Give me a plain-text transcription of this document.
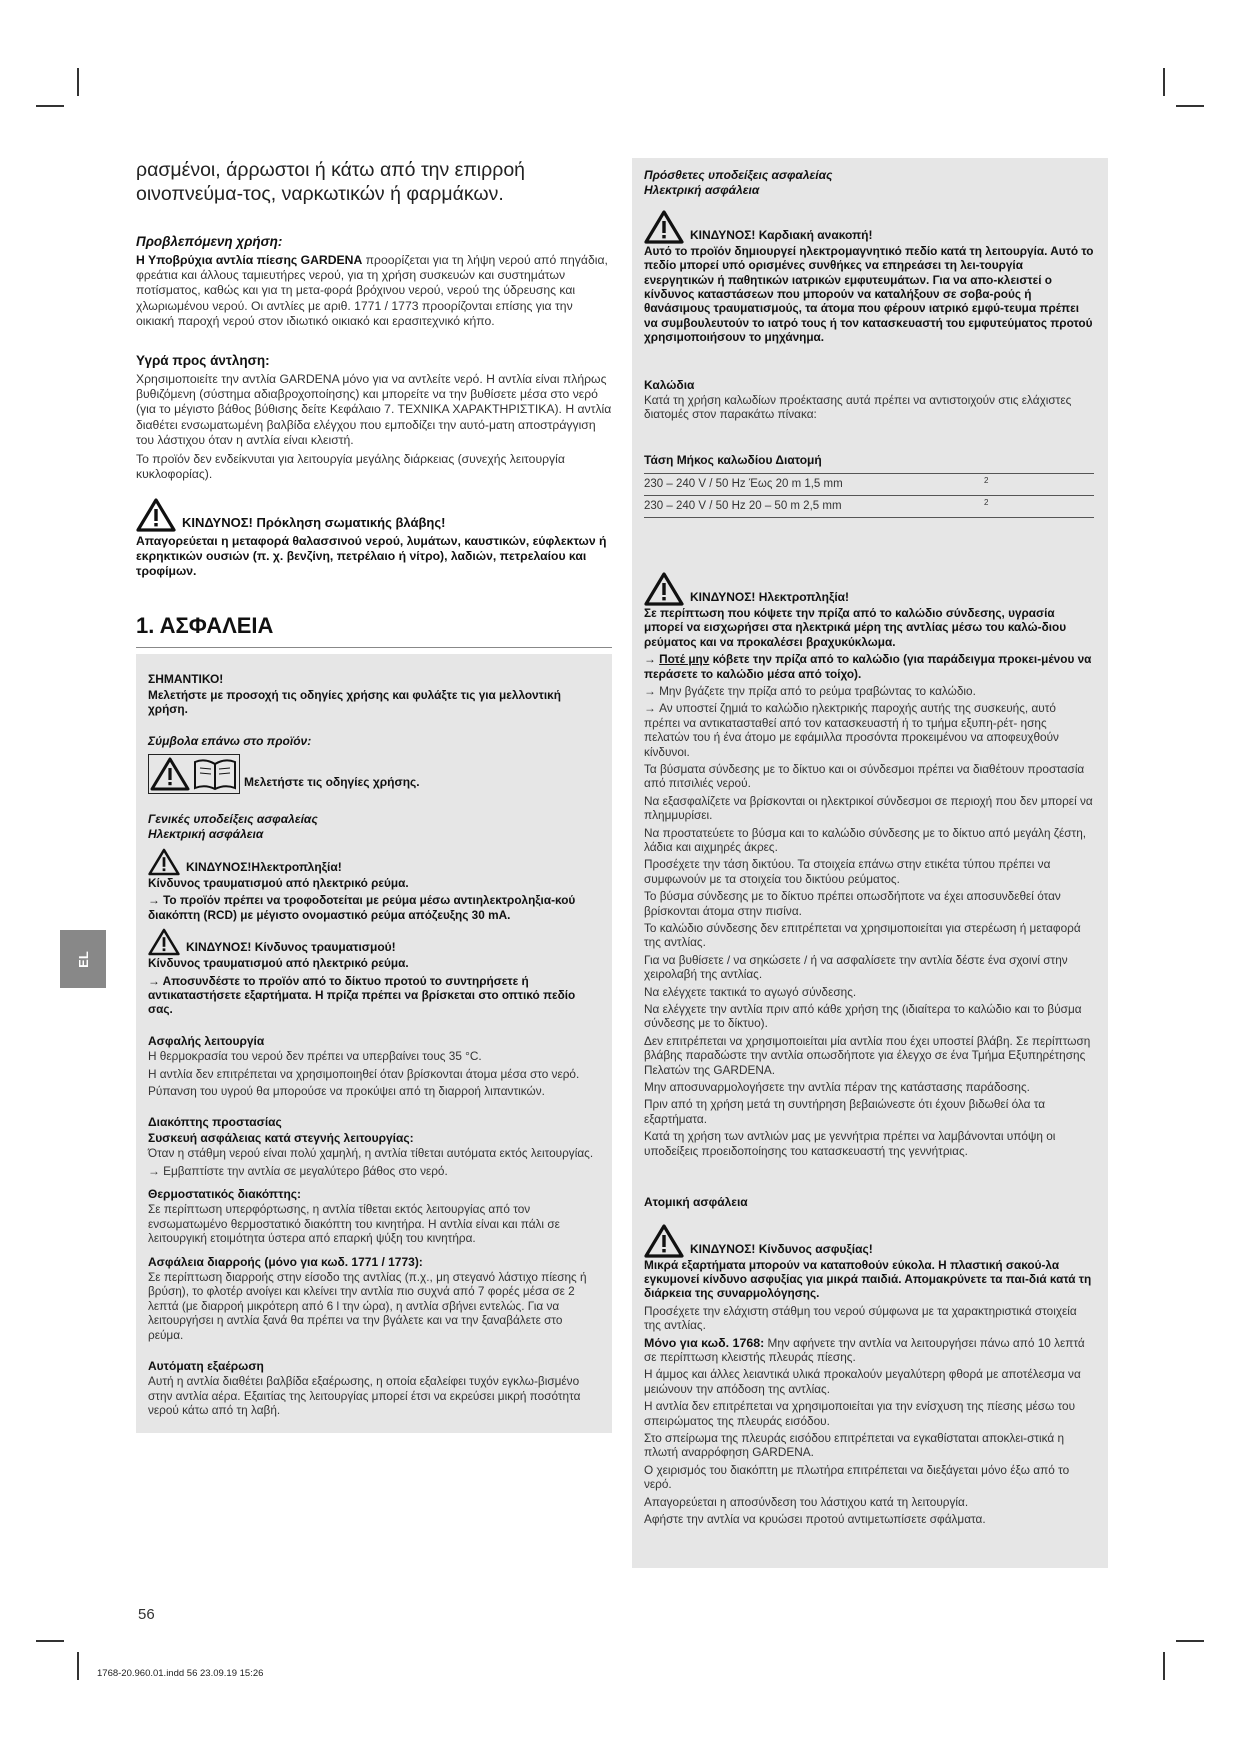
ρασμένοι, άρρωστοι ή κάτω από την επιρροή οινοπνεύμα-τος, ναρκωτικών ή φαρμάκων.

Προβλεπόμενη χρήση:

Η Υποβρύχια αντλία πίεσης GARDENA προορίζεται για τη λήψη νερού από πηγάδια, φρεάτια και άλλους ταμιευτήρες νερού, για τη χρήση συσκευών και συστημάτων ποτίσματος, καθώς και για τη μετα-φορά βρόχινου νερού, νερού της ύδρευσης και χλωριωμένου νερού. Οι αντλίες με αριθ. 1771 / 1773 προορίζονται επίσης για την οικιακή παροχή νερού στον ιδιωτικό οικιακό και ερασιτεχνικό κήπο.

Υγρά προς άντληση:

Χρησιμοποιείτε την αντλία GARDENA μόνο για να αντλείτε νερό. Η αντλία είναι πλήρως βυθιζόμενη (σύστημα αδιαβροχοποίησης) και μπορείτε να την βυθίσετε μέσα στο νερό (για το μέγιστο βάθος βύθισης δείτε Κεφάλαιο 7. ΤΕΧΝΙΚΑ ΧΑΡΑΚΤΗΡΙΣΤΙΚΑ). Η αντλία διαθέτει ενσωματωμένη βαλβίδα ελέγχου που εμποδίζει την αυτό-ματη αποστράγγιση του λάστιχου όταν η αντλία είναι κλειστή.

Το προϊόν δεν ενδείκνυται για λειτουργία μεγάλης διάρκειας (συνεχής λειτουργία κυκλοφορίας).

ΚΙΝΔΥΝΟΣ! Πρόκληση σωματικής βλάβης!

Απαγορεύεται η μεταφορά θαλασσινού νερού, λυμάτων, καυστικών, εύφλεκτων ή εκρηκτικών ουσιών (π. χ. βενζίνη, πετρέλαιο ή νίτρο), λαδιών, πετρελαίου και τροφίμων.

1. ΑΣΦΑΛΕΙΑ

ΣΗΜΑΝΤΙΚΟ!

Μελετήστε με προσοχή τις οδηγίες χρήσης και φυλάξτε τις για μελλοντική χρήση.

Σύμβολα επάνω στο προϊόν:

Μελετήστε τις οδηγίες χρήσης.

Γενικές υποδείξεις ασφαλείας

Ηλεκτρική ασφάλεια

ΚΙΝΔΥΝΟΣ!Ηλεκτροπληξία!

Κίνδυνος τραυματισμού από ηλεκτρικό ρεύμα.

→ Το προϊόν πρέπει να τροφοδοτείται με ρεύμα μέσω αντιηλεκτροληξια-κού διακόπτη (RCD) με μέγιστο ονομαστικό ρεύμα απόζευξης 30 mA.

ΚΙΝΔΥΝΟΣ! Κίνδυνος τραυματισμού!

Κίνδυνος τραυματισμού από ηλεκτρικό ρεύμα.

→ Αποσυνδέστε το προϊόν από το δίκτυο προτού το συντηρήσετε ή αντικαταστήσετε εξαρτήματα. Η πρίζα πρέπει να βρίσκεται στο οπτικό πεδίο σας.

Ασφαλής λειτουργία

Η θερμοκρασία του νερού δεν πρέπει να υπερβαίνει τους 35 °C.

Η αντλία δεν επιτρέπεται να χρησιμοποιηθεί όταν βρίσκονται άτομα μέσα στο νερό.

Ρύπανση του υγρού θα μπορούσε να προκύψει από τη διαρροή λιπαντικών.

Διακόπτης προστασίας

Συσκευή ασφάλειας κατά στεγνής λειτουργίας:

Όταν η στάθμη νερού είναι πολύ χαμηλή, η αντλία τίθεται αυτόματα εκτός λειτουργίας.

→ Εμβαπτίστε την αντλία σε μεγαλύτερο βάθος στο νερό.

Θερμοστατικός διακόπτης:

Σε περίπτωση υπερφόρτωσης, η αντλία τίθεται εκτός λειτουργίας από τον ενσωματωμένο θερμοστατικό διακόπτη του κινητήρα. Η αντλία είναι και πάλι σε λειτουργική ετοιμότητα ύστερα από επαρκή ψύξη του κινητήρα.

Ασφάλεια διαρροής (μόνο για κωδ. 1771 / 1773):

Σε περίπτωση διαρροής στην είσοδο της αντλίας (π.χ., μη στεγανό λάστιχο πίεσης ή βρύση), το φλοτέρ ανοίγει και κλείνει την αντλία πιο συχνά από 7 φορές μέσα σε 2 λεπτά (με διαρροή μικρότερη από 6 l την ώρα), η αντλία σβήνει εντελώς. Για να λειτουργήσει η αντλία ξανά θα πρέπει να την βγάλετε και να την ξαναβάλετε στο ρεύμα.

Αυτόματη εξαέρωση

Αυτή η αντλία διαθέτει βαλβίδα εξαέρωσης, η οποία εξαλείφει τυχόν εγκλω-βισμένο στην αντλία αέρα. Εξαιτίας της λειτουργίας μπορεί έτσι να εκρεύσει μικρή ποσότητα νερού κάτω από τη λαβή.

Πρόσθετες υποδείξεις ασφαλείας

Ηλεκτρική ασφάλεια

ΚΙΝΔΥΝΟΣ! Καρδιακή ανακοπή!

Αυτό το προϊόν δημιουργεί ηλεκτρομαγνητικό πεδίο κατά τη λειτουργία. Αυτό το πεδίο μπορεί υπό ορισμένες συνθήκες να επηρεάσει τη λει-τουργία ενεργητικών ή παθητικών ιατρικών εμφυτευμάτων. Για να απο-κλειστεί ο κίνδυνος καταστάσεων που μπορούν να καταλήξουν σε σοβα-ρούς ή θανάσιμους τραυματισμούς, τα άτομα που φέρουν ιατρικό εμφύ-τευμα πρέπει να συμβουλευτούν το ιατρό τους ή τον κατασκευαστή του εμφυτεύματος προτού χρησιμοποιήσουν το μηχάνημα.

Καλώδια

Κατά τη χρήση καλωδίων προέκτασης αυτά πρέπει να αντιστοιχούν στις ελάχιστες διατομές στον παρακάτω πίνακα:

Τάση Μήκος καλωδίου Διατομή
230 – 240 V / 50 Hz Έως 20 m 1,5 mm	2
230 – 240 V / 50 Hz 20 – 50 m 2,5 mm	2
ΚΙΝΔΥΝΟΣ! Ηλεκτροπληξία!

Σε περίπτωση που κόψετε την πρίζα από το καλώδιο σύνδεσης, υγρασία μπορεί να εισχωρήσει στα ηλεκτρικά μέρη της αντλίας μέσω του καλώ-διου ρεύματος και να προκαλέσει βραχυκύκλωμα.

→ Ποτέ μην κόβετε την πρίζα από το καλώδιο (για παράδειγμα προκει-μένου να περάσετε το καλώδιο μέσα από τοίχο).

→ Μην βγάζετε την πρίζα από το ρεύμα τραβώντας το καλώδιο.

→ Αν υποστεί ζημιά το καλώδιο ηλεκτρικής παροχής αυτής της συσκευής, αυτό πρέπει να αντικατασταθεί από τον κατασκευαστή ή το τμήμα εξυπη-ρέτ- ησης πελατών του ή ένα άτομο με εφάμιλλα προσόντα προκειμένου να αποφευχθούν κίνδυνοι.

Τα βύσματα σύνδεσης με το δίκτυο και οι σύνδεσμοι πρέπει να διαθέτουν προστασία από πιτσιλιές νερού.

Να εξασφαλίζετε να βρίσκονται οι ηλεκτρικοί σύνδεσμοι σε περιοχή που δεν μπορεί να πλημμυρίσει.

Να προστατεύετε το βύσμα και το καλώδιο σύνδεσης με το δίκτυο από μεγάλη ζέστη, λάδια και αιχμηρές άκρες.

Προσέχετε την τάση δικτύου. Τα στοιχεία επάνω στην ετικέτα τύπου πρέπει να συμφωνούν με τα στοιχεία του δικτύου ρεύματος.

Το βύσμα σύνδεσης με το δίκτυο πρέπει οπωσδήποτε να έχει αποσυνδεθεί όταν βρίσκονται άτομα στην πισίνα.

Το καλώδιο σύνδεσης δεν επιτρέπεται να χρησιμοποιείται για στερέωση ή μεταφορά της αντλίας.

Για να βυθίσετε / να σηκώσετε / ή να ασφαλίσετε την αντλία δέστε ένα σχοινί στην χειρολαβή της αντλίας.

Να ελέγχετε τακτικά το αγωγό σύνδεσης.

Να ελέγχετε την αντλία πριν από κάθε χρήση της (ιδιαίτερα το καλώδιο και το βύσμα σύνδεσης με το δίκτυο).

Δεν επιτρέπεται να χρησιμοποιείται μία αντλία που έχει υποστεί βλάβη. Σε περίπτωση βλάβης παραδώστε την αντλία οπωσδήποτε για έλεγχο σε ένα Τμήμα Εξυπηρέτησης Πελατών της GARDENA.

Μην αποσυναρμολογήσετε την αντλία πέραν της κατάστασης παράδοσης.

Πριν από τη χρήση μετά τη συντήρηση βεβαιώνεστε ότι έχουν βιδωθεί όλα τα εξαρτήματα.

Κατά τη χρήση των αντλιών μας με γεννήτρια πρέπει να λαμβάνονται υπόψη οι υποδείξεις προειδοποίησης του κατασκευαστή της γεννήτριας.

Ατομική ασφάλεια

ΚΙΝΔΥΝΟΣ! Κίνδυνος ασφυξίας!

Μικρά εξαρτήματα μπορούν να καταποθούν εύκολα. Η πλαστική σακού-λα εγκυμονεί κίνδυνο ασφυξίας για μικρά παιδιά. Απομακρύνετε τα παι-διά κατά τη διάρκεια της συναρμολόγησης.

Προσέχετε την ελάχιστη στάθμη του νερού σύμφωνα με τα χαρακτηριστικά στοιχεία της αντλίας.

Μόνο για κωδ. 1768: Μην αφήνετε την αντλία να λειτουργήσει πάνω από 10 λεπτά σε περίπτωση κλειστής πλευράς πίεσης.

Η άμμος και άλλες λειαντικά υλικά προκαλούν μεγαλύτερη φθορά με αποτέλεσμα να μειώνουν την απόδοση της αντλίας.

Η αντλία δεν επιτρέπεται να χρησιμοποιείται για την ενίσχυση της πίεσης μέσω του σπειρώματος της πλευράς εισόδου.

Στο σπείρωμα της πλευράς εισόδου επιτρέπεται να εγκαθίσταται αποκλει-στικά η πλωτή αναρρόφηση GARDENA.

Ο χειρισμός του διακόπτη με πλωτήρα επιτρέπεται να διεξάγεται μόνο έξω από το νερό.

Απαγορεύεται η αποσύνδεση του λάστιχου κατά τη λειτουργία.

Αφήστε την αντλία να κρυώσει προτού αντιμετωπίσετε σφάλματα.

EL
56
1768-20.960.01.indd 56 23.09.19 15:26
